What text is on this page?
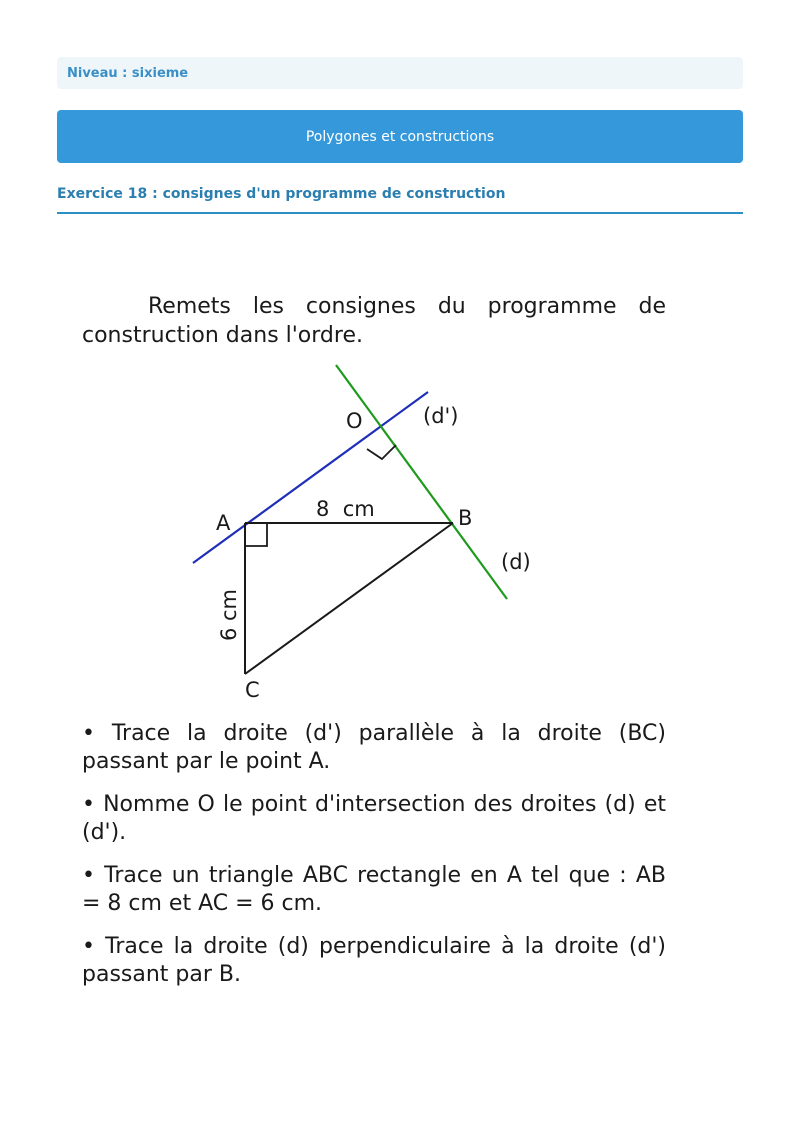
Niveau : sixieme
Polygones et constructions
Exercice 18 : consignes d'un programme de construction

Remets les consignes du programme de construction dans l'ordre.

O	(d')
A
8  cm	B
(d)
6 cm
C

• Trace la droite (d') parallèle à la droite (BC) passant par le point A.

• Nomme O le point d'intersection des droites (d) et (d').

• Trace un triangle ABC rectangle en A tel que : AB = 8 cm et AC = 6 cm.

• Trace la droite (d) perpendiculaire à la droite (d') passant par B.
